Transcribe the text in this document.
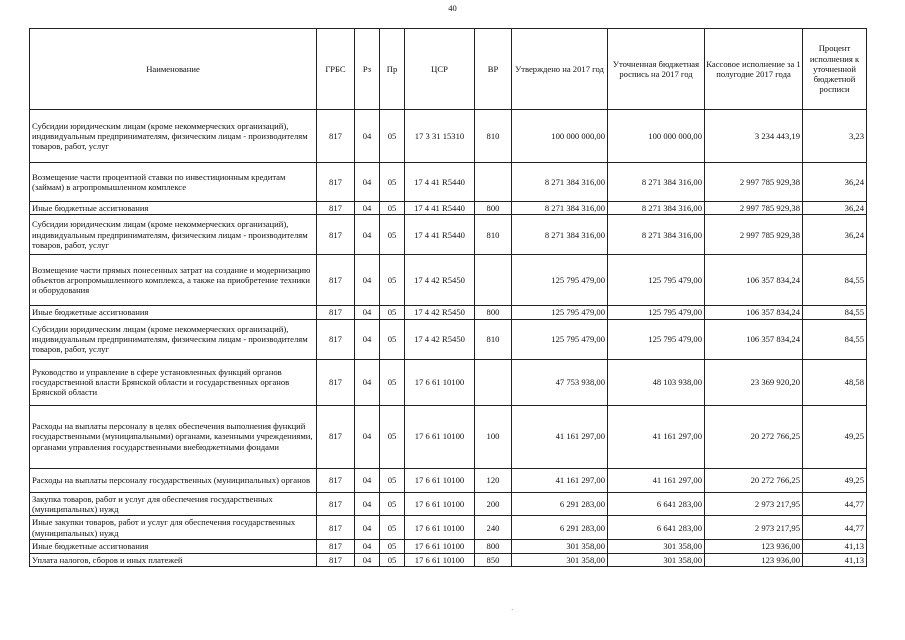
40
Наименование	ГРБС	Рз	Пр	ЦСР	ВР	Утверждено на 2017 год	Уточненная бюджетная роспись на 2017 год	Кассовое исполнение за 1 полугодие 2017 года	Процент исполнения к уточненной бюджетной росписи
Субсидии юридическим лицам (кроме некоммерческих организаций), индивидуальным предпринимателям, физическим лицам - производителям товаров, работ, услуг	817	04	05	17 3 31 15310	810	100 000 000,00	100 000 000,00	3 234 443,19	3,23
Возмещение части процентной ставки по инвестиционным кредитам (займам) в агропромышленном комплексе	817	04	05	17 4 41 R5440		8 271 384 316,00	8 271 384 316,00	2 997 785 929,38	36,24
Иные бюджетные ассигнования	817	04	05	17 4 41 R5440	800	8 271 384 316,00	8 271 384 316,00	2 997 785 929,38	36,24
Субсидии юридическим лицам (кроме некоммерческих организаций), индивидуальным предпринимателям, физическим лицам - производителям товаров, работ, услуг	817	04	05	17 4 41 R5440	810	8 271 384 316,00	8 271 384 316,00	2 997 785 929,38	36,24
Возмещение части прямых понесенных затрат на создание и модернизацию объектов агропромышленного комплекса, а также на приобретение техники и оборудования	817	04	05	17 4 42 R5450		125 795 479,00	125 795 479,00	106 357 834,24	84,55
Иные бюджетные ассигнования	817	04	05	17 4 42 R5450	800	125 795 479,00	125 795 479,00	106 357 834,24	84,55
Субсидии юридическим лицам (кроме некоммерческих организаций), индивидуальным предпринимателям, физическим лицам - производителям товаров, работ, услуг	817	04	05	17 4 42 R5450	810	125 795 479,00	125 795 479,00	106 357 834,24	84,55
Руководство и управление в сфере установленных функций органов государственной власти Брянской области и государственных органов Брянской области	817	04	05	17 6 61 10100		47 753 938,00	48 103 938,00	23 369 920,20	48,58
Расходы на выплаты персоналу в целях обеспечения выполнения функций государственными (муниципальными) органами, казенными учреждениями, органами управления государственными внебюджетными фондами	817	04	05	17 6 61 10100	100	41 161 297,00	41 161 297,00	20 272 766,25	49,25
Расходы на выплаты персоналу государственных (муниципальных) органов	817	04	05	17 6 61 10100	120	41 161 297,00	41 161 297,00	20 272 766,25	49,25
Закупка товаров, работ и услуг для обеспечения государственных (муниципальных) нужд	817	04	05	17 6 61 10100	200	6 291 283,00	6 641 283,00	2 973 217,95	44,77
Иные закупки товаров, работ и услуг для обеспечения государственных (муниципальных) нужд	817	04	05	17 6 61 10100	240	6 291 283,00	6 641 283,00	2 973 217,95	44,77
Иные бюджетные ассигнования	817	04	05	17 6 61 10100	800	301 358,00	301 358,00	123 936,00	41,13
Уплата налогов, сборов и иных платежей	817	04	05	17 6 61 10100	850	301 358,00	301 358,00	123 936,00	41,13
·
